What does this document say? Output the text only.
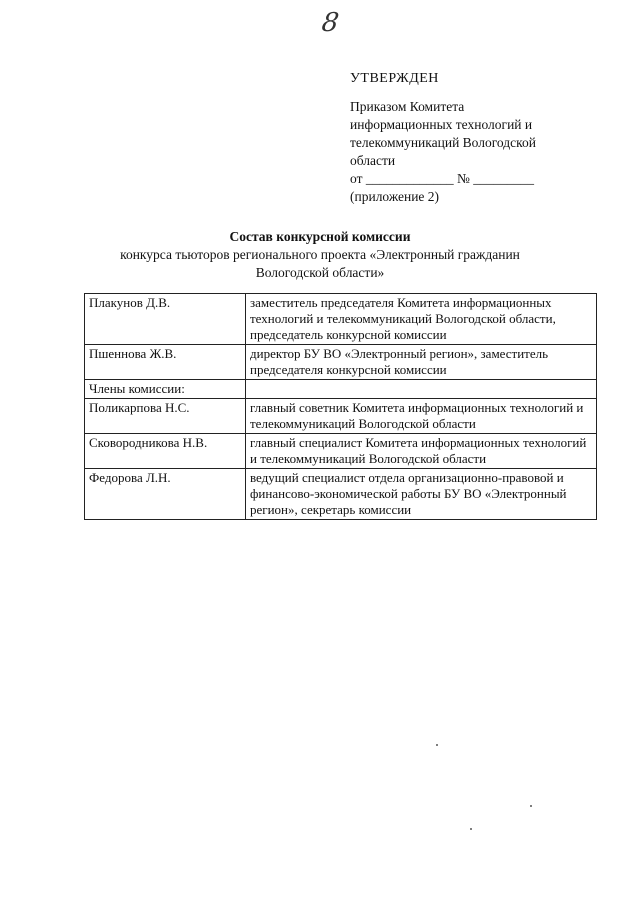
8
УТВЕРЖДЕН
Приказом Комитета
информационных технологий и
телекоммуникаций Вологодской
области
от _____________ № _________
(приложение 2)
Состав конкурсной комиссии
конкурса тьюторов регионального проекта «Электронный гражданин
Вологодской области»
Плакунов Д.В.	заместитель председателя Комитета информационных технологий и телекоммуникаций Вологодской области, председатель конкурсной комиссии
Пшеннова Ж.В.	директор БУ ВО «Электронный регион», заместитель председателя конкурсной комиссии
Члены комиссии:	
Поликарпова Н.С.	главный советник Комитета информационных технологий и телекоммуникаций Вологодской области
Сковородникова Н.В.	главный специалист Комитета информационных технологий и телекоммуникаций Вологодской области
Федорова Л.Н.	ведущий специалист отдела организационно-правовой и финансово-экономической работы БУ ВО «Электронный регион», секретарь комиссии
